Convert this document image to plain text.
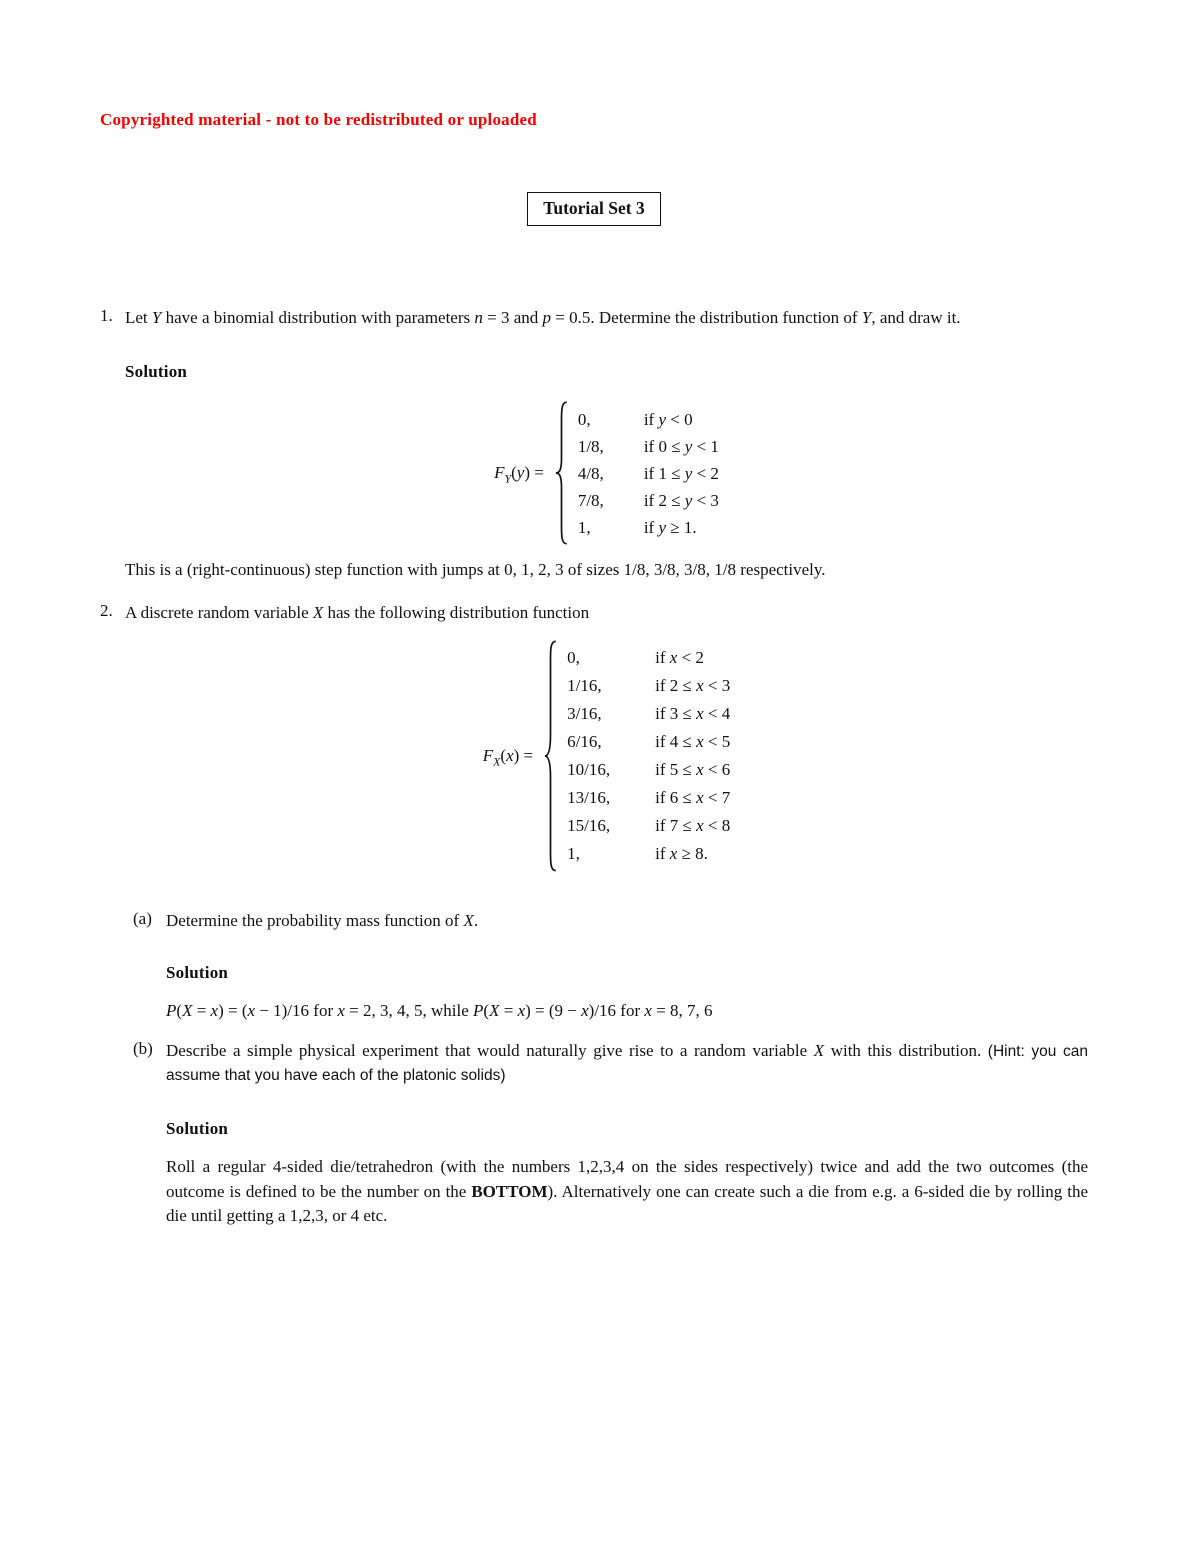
Copyrighted material - not to be redistributed or uploaded

Tutorial Set 3
1. Let Y have a binomial distribution with parameters n = 3 and p = 0.5. Determine the distribution function of Y, and draw it.

Solution

$F_Y(y)$ =
0,	if y < 0
1/8,	if 0 ≤ y < 1
4/8,	if 1 ≤ y < 2
7/8,	if 2 ≤ y < 3
1,	if y ≥ 1.

This is a (right-continuous) step function with jumps at 0, 1, 2, 3 of sizes 1/8, 3/8, 3/8, 1/8 respectively.

2. A discrete random variable X has the following distribution function

$F_X(x)$ =
0,	if x < 2
1/16,	if 2 ≤ x < 3
3/16,	if 3 ≤ x < 4
6/16,	if 4 ≤ x < 5
10/16,	if 5 ≤ x < 6
13/16,	if 6 ≤ x < 7
15/16,	if 7 ≤ x < 8
1,	if x ≥ 8.
(a) Determine the probability mass function of X.

Solution

P(X = x) = (x − 1)/16 for x = 2, 3, 4, 5, while P(X = x) = (9 − x)/16 for x = 8, 7, 6

(b) Describe a simple physical experiment that would naturally give rise to a random variable X with this distribution. (Hint: you can assume that you have each of the platonic solids)

Solution

Roll a regular 4-sided die/tetrahedron (with the numbers 1,2,3,4 on the sides respectively) twice and add the two outcomes (the outcome is defined to be the number on the BOTTOM). Alternatively one can create such a die from e.g. a 6-sided die by rolling the die until getting a 1,2,3, or 4 etc.
